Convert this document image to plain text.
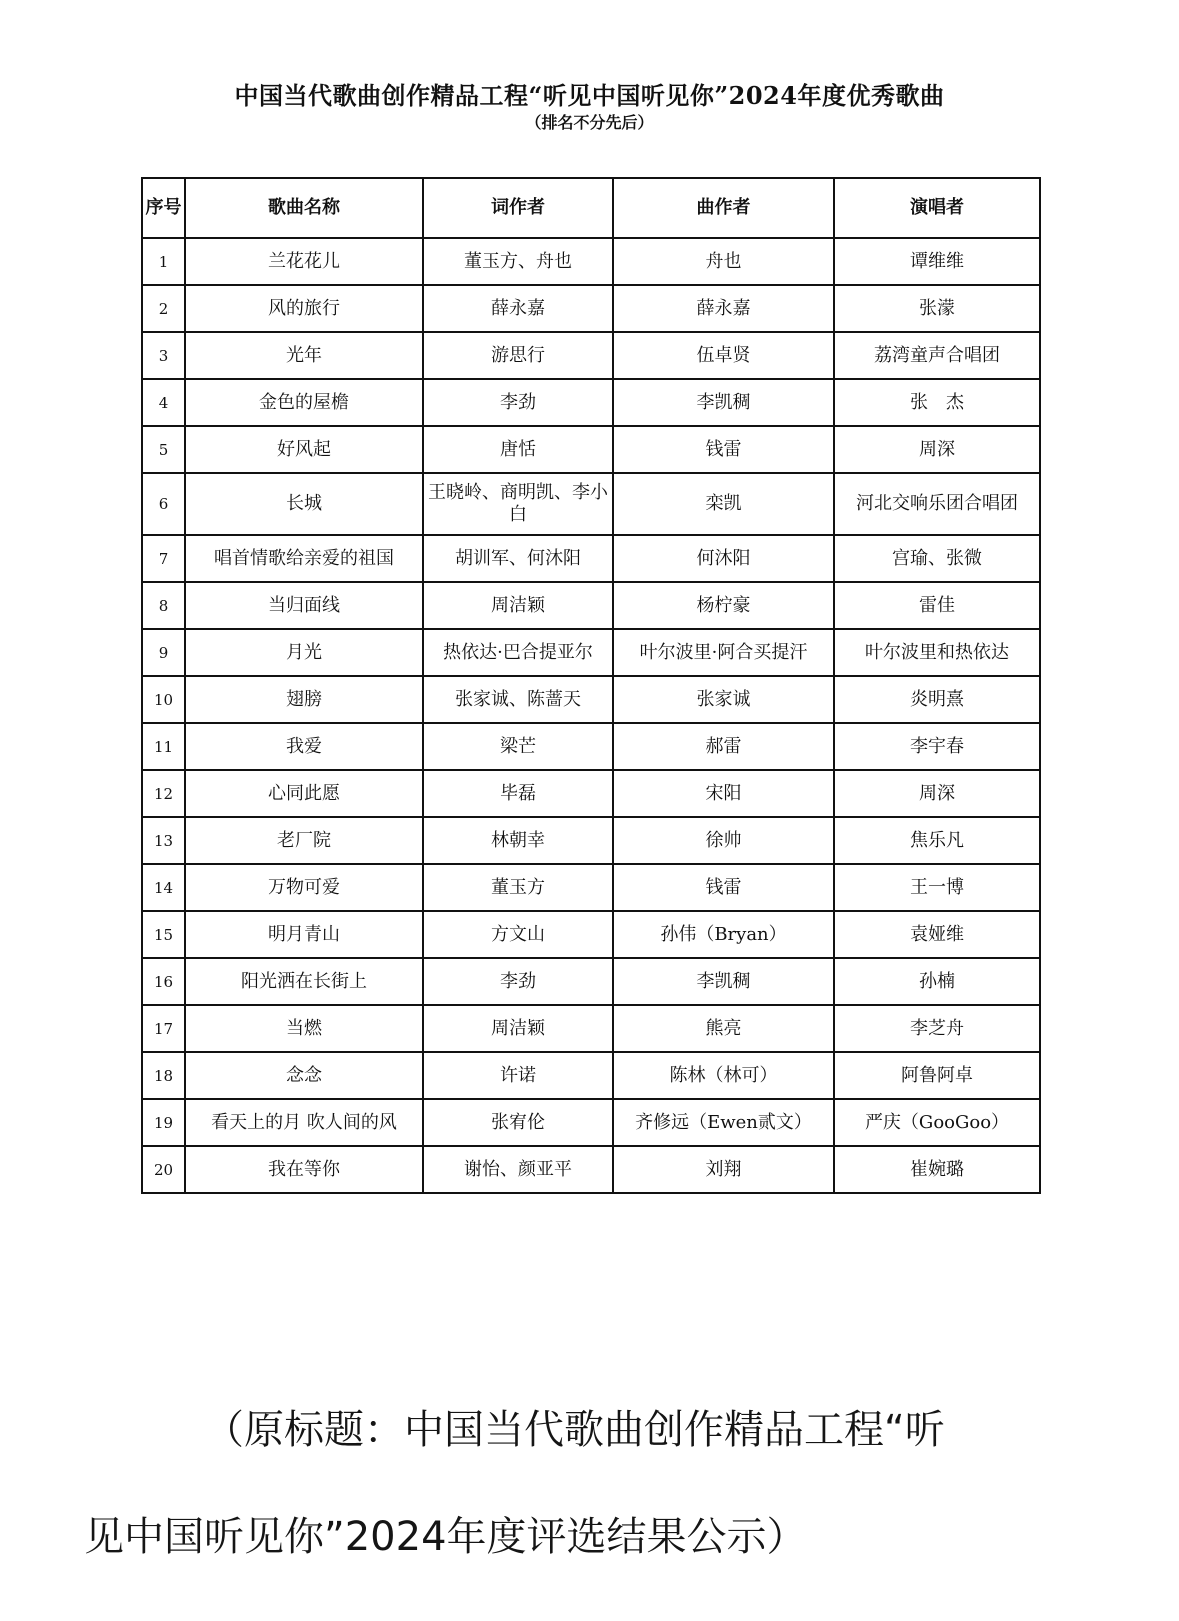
中国当代歌曲创作精品工程“听见中国听见你”2024年度优秀歌曲
（排名不分先后）
序号	歌曲名称	词作者	曲作者	演唱者
1	兰花花儿	董玉方、舟也	舟也	谭维维
2	风的旅行	薛永嘉	薛永嘉	张濛
3	光年	游思行	伍卓贤	荔湾童声合唱团
4	金色的屋檐	李劲	李凯稠	张　杰
5	好风起	唐恬	钱雷	周深
6	长城	王晓岭、商明凯、李小白	栾凯	河北交响乐团合唱团
7	唱首情歌给亲爱的祖国	胡训军、何沐阳	何沐阳	宫瑜、张微
8	当归面线	周洁颖	杨柠豪	雷佳
9	月光	热依达·巴合提亚尔	叶尔波里·阿合买提汗	叶尔波里和热依达
10	翅膀	张家诚、陈蔷天	张家诚	炎明熹
11	我爱	梁芒	郝雷	李宇春
12	心同此愿	毕磊	宋阳	周深
13	老厂院	林朝幸	徐帅	焦乐凡
14	万物可爱	董玉方	钱雷	王一博
15	明月青山	方文山	孙伟（Bryan）	袁娅维
16	阳光洒在长街上	李劲	李凯稠	孙楠
17	当燃	周洁颖	熊亮	李芝舟
18	念念	许诺	陈林（林可）	阿鲁阿卓
19	看天上的月 吹人间的风	张宥伦	齐修远（Ewen贰文）	严庆（GooGoo）
20	我在等你	谢怡、颜亚平	刘翔	崔婉璐
（原标题：中国当代歌曲创作精品工程“听
见中国听见你”2024年度评选结果公示）
